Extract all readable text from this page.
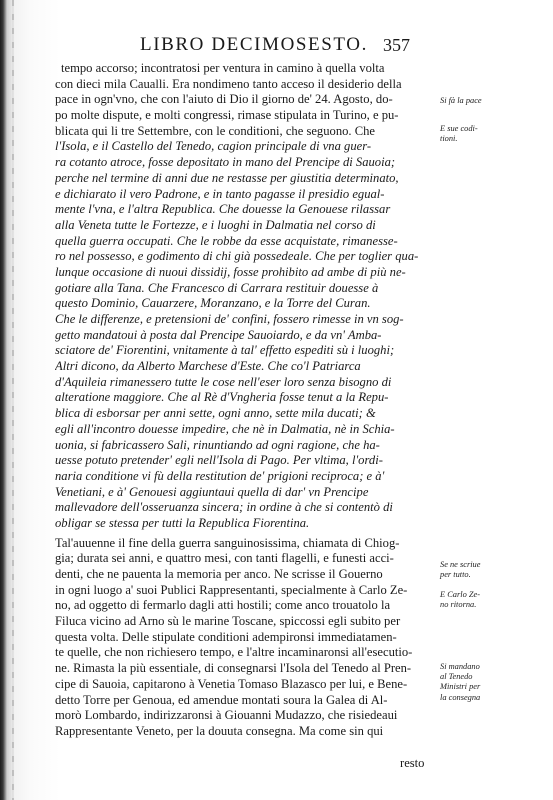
LIBRO DECIMOSESTO. 357
tempo accorso; incontratosi per ventura in camino à quella volta
con dieci mila Caualli. Era nondimeno tanto acceso il desiderio della
pace in ogn'vno, che con l'aiuto di Dio il giorno de' 24. Agosto, do-
po molte dispute, e molti congressi, rimase stipulata in Turino, e pu-
blicata qui li tre Settembre, con le conditioni, che seguono. Che
l'Isola, e il Castello del Tenedo, cagion principale di vna guer-
ra cotanto atroce, fosse depositato in mano del Prencipe di Sauoia;
perche nel termine di anni due ne restasse per giustitia determinato,
e dichiarato il vero Padrone, e in tanto pagasse il presidio egual-
mente l'vna, e l'altra Republica. Che douesse la Genouese rilassar
alla Veneta tutte le Fortezze, e i luoghi in Dalmatia nel corso di
quella guerra occupati. Che le robbe da esse acquistate, rimanesse-
ro nel possesso, e godimento di chi già possedeale. Che per toglier qua-
lunque occasione di nuoui dissidij, fosse prohibito ad ambe di più ne-
gotiare alla Tana. Che Francesco di Carrara restituir douesse à
questo Dominio, Cauarzere, Moranzano, e la Torre del Curan.
Che le differenze, e pretensioni de' confini, fossero rimesse in vn sog-
getto mandatoui à posta dal Prencipe Sauoiardo, e da vn' Amba-
sciatore de' Fiorentini, vnitamente à tal' effetto espediti sù i luoghi;
Altri dicono, da Alberto Marchese d'Este. Che co'l Patriarca
d'Aquileia rimanessero tutte le cose nell'eser loro senza bisogno di
alteratione maggiore. Che al Rè d'Vngheria fosse tenut a la Repu-
blica di esborsar per anni sette, ogni anno, sette mila ducati; &
egli all'incontro douesse impedire, che nè in Dalmatia, nè in Schia-
uonia, si fabricassero Sali, rinuntiando ad ogni ragione, che ha-
uesse potuto pretender' egli nell'Isola di Pago. Per vltima, l'ordi-
naria conditione vi fù della restitution de' prigioni reciproca; e à'
Venetiani, e à' Genouesi aggiuntaui quella di dar' vn Prencipe
mallevadore dell'osseruanza sincera; in ordine à che si contentò di
obligar se stessa per tutti la Republica Fiorentina.
Tal'auuenne il fine della guerra sanguinosissima, chiamata di Chiog-
gia; durata sei anni, e quattro mesi, con tanti flagelli, e funesti acci-
denti, che ne pauenta la memoria per anco. Ne scrisse il Gouerno
in ogni luogo a' suoi Publici Rappresentanti, specialmente à Carlo Ze-
no, ad oggetto di fermarlo dagli atti hostili; come anco trouatolo la
Filuca vicino ad Arno sù le marine Toscane, spiccossi egli subito per
questa volta. Delle stipulate conditioni adempironsi immediatamen-
te quelle, che non richiesero tempo, e l'altre incaminaronsi all'esecutio-
ne. Rimasta la più essentiale, di consegnarsi l'Isola del Tenedo al Pren-
cipe di Sauoia, capitarono à Venetia Tomaso Blazasco per lui, e Bene-
detto Torre per Genoua, ed amendue montati soura la Galea di Al-
morò Lombardo, indirizzaronsi à Giouanni Mudazzo, che risiedeaui
Rappresentante Veneto, per la douuta consegna. Ma come sin qui
Si fà la pace
E sue codi-
tioni.
Se ne scriue
per tutto.
E Carlo Ze-
no ritorna.
Si mandano
al Tenedo
Ministri per
la consegna
resto
